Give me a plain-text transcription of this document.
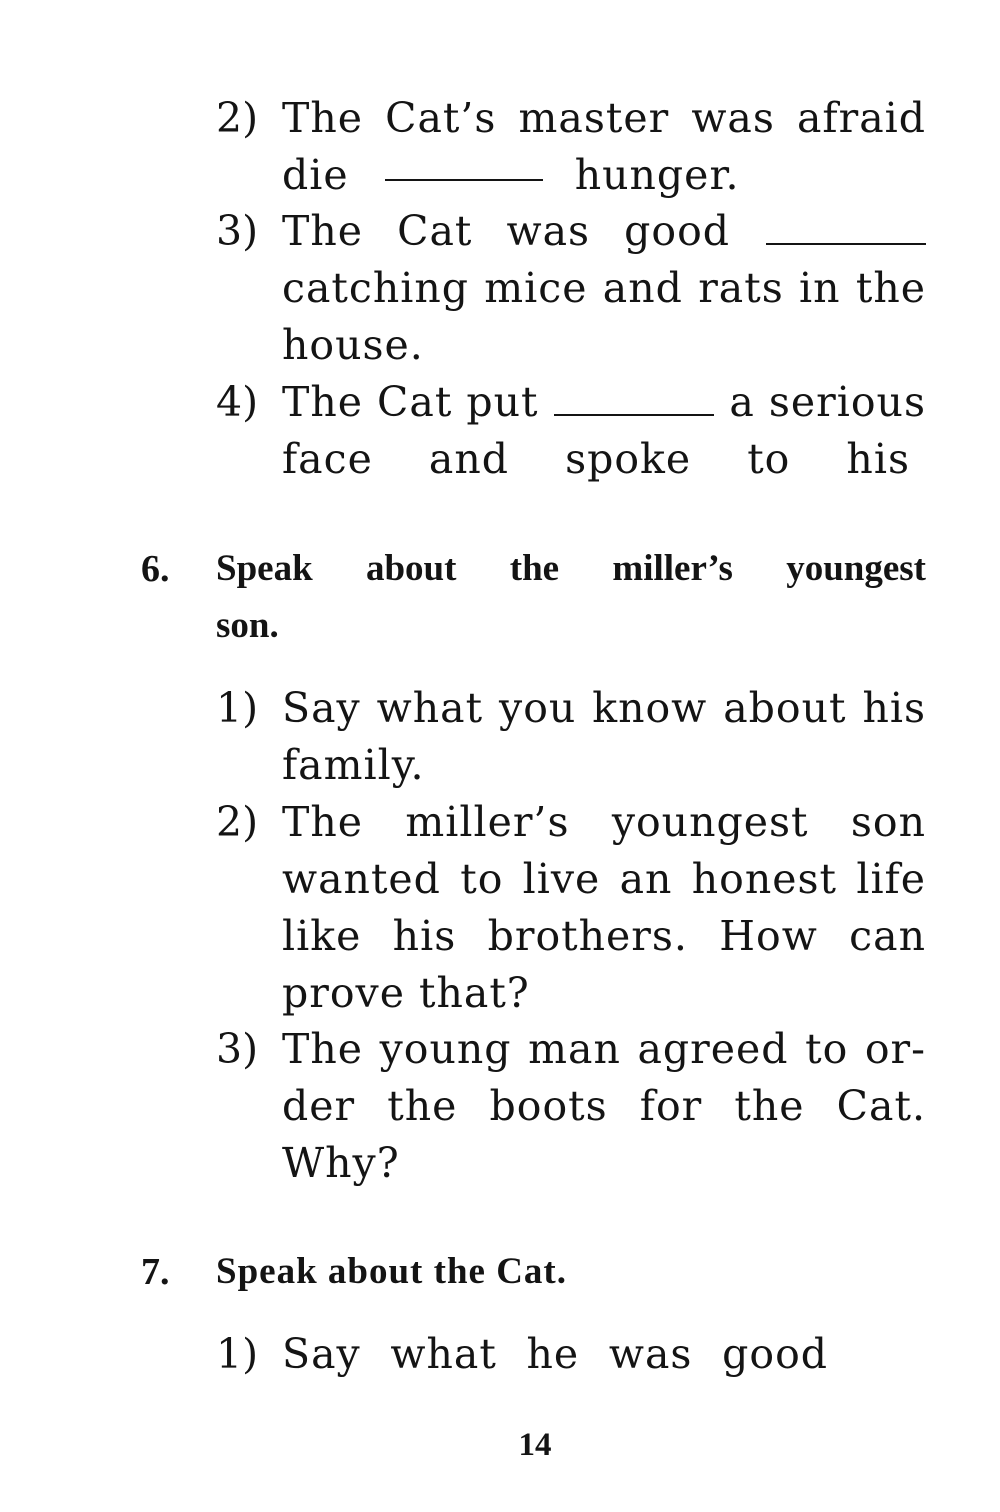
2) The Cat’s master was afraid
die	hunger.
3) The Cat was good
catching mice and rats in the
house.
4) The Cat put	a serious
face and spoke to his
6. Speak about the miller’s youngest
son.
1) Say what you know about his
family.
2) The miller’s youngest son
wanted to live an honest life
like his brothers. How can
prove that?
3) The young man agreed to or-
der the boots for the Cat.
Why?
7. Speak about the Cat.
1) Say what he was good
14
